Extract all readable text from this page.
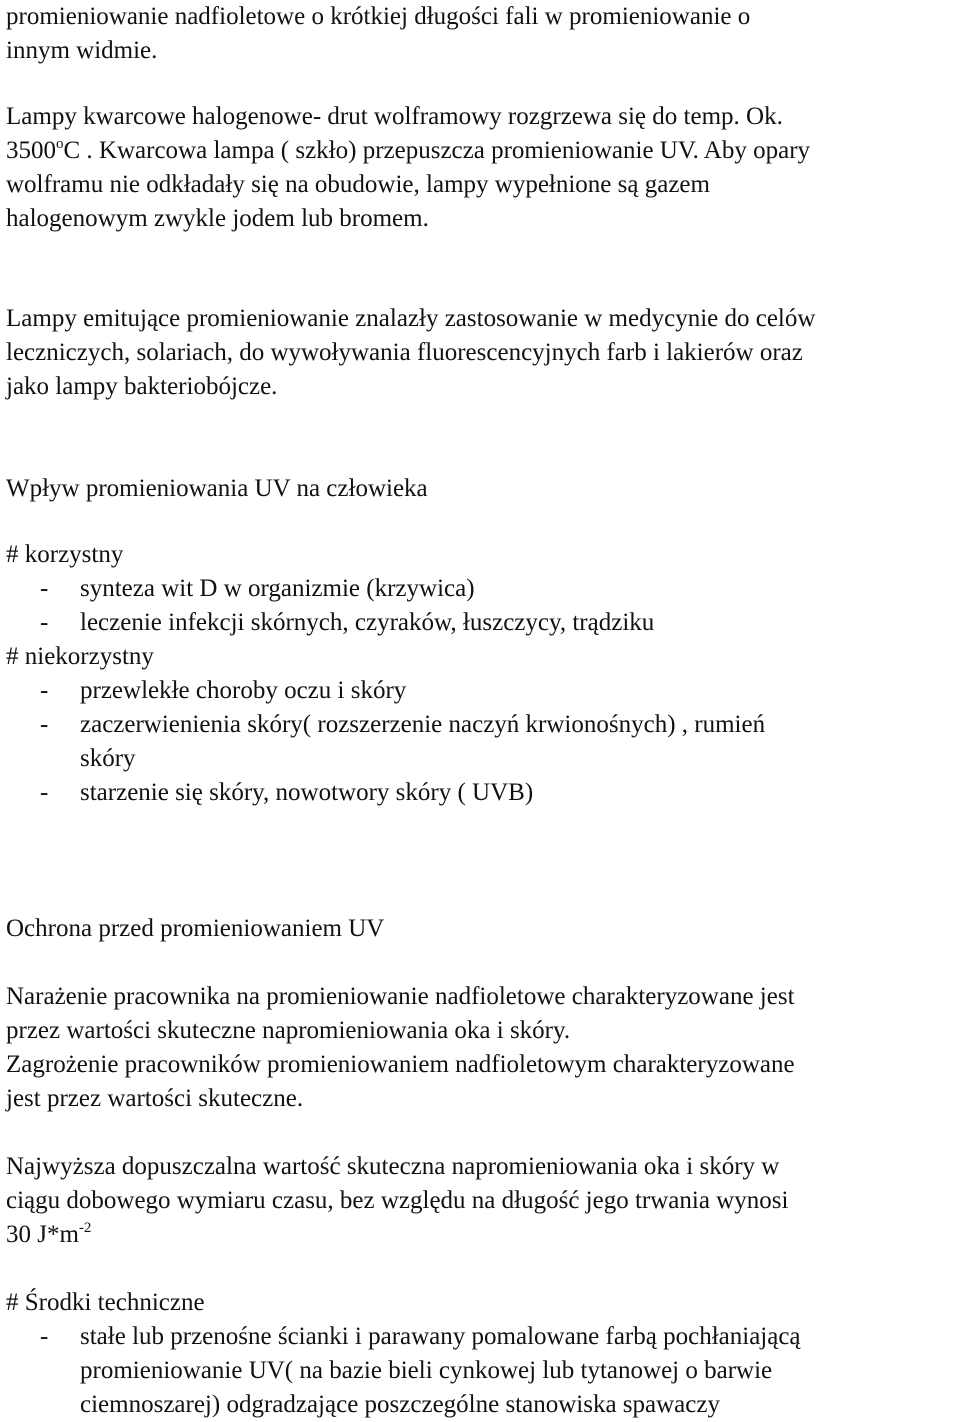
promieniowanie nadfioletowe o krótkiej długości fali w promieniowanie o
innym widmie.
Lampy kwarcowe halogenowe- drut wolframowy rozgrzewa się do temp. Ok.
3500$^o$C . Kwarcowa lampa ( szkło) przepuszcza promieniowanie UV. Aby opary
wolframu nie odkładały się na obudowie, lampy wypełnione są gazem
halogenowym zwykle jodem lub bromem.
Lampy emitujące promieniowanie znalazły zastosowanie w medycynie do celów
leczniczych, solariach, do wywoływania fluorescencyjnych farb i lakierów oraz
jako lampy bakteriobójcze.
Wpływ promieniowania UV na człowieka
# korzystny
- synteza wit D w organizmie (krzywica)
- leczenie infekcji skórnych, czyraków, łuszczycy, trądziku
# niekorzystny
- przewlekłe choroby oczu i skóry
- zaczerwienienia skóry( rozszerzenie naczyń krwionośnych) , rumień
skóry
- starzenie się skóry, nowotwory skóry ( UVB)
Ochrona przed promieniowaniem UV
Narażenie pracownika na promieniowanie nadfioletowe charakteryzowane jest
przez wartości skuteczne napromieniowania oka i skóry.
Zagrożenie pracowników promieniowaniem nadfioletowym charakteryzowane
jest przez wartości skuteczne.
Najwyższa dopuszczalna wartość skuteczna napromieniowania oka i skóry w
ciągu dobowego wymiaru czasu, bez względu na długość jego trwania wynosi
30 $J*m^{-2}$
# Środki techniczne
- stałe lub przenośne ścianki i parawany pomalowane farbą pochłaniającą
promieniowanie UV( na bazie bieli cynkowej lub tytanowej o barwie
ciemnoszarej) odgradzające poszczególne stanowiska spawaczy
